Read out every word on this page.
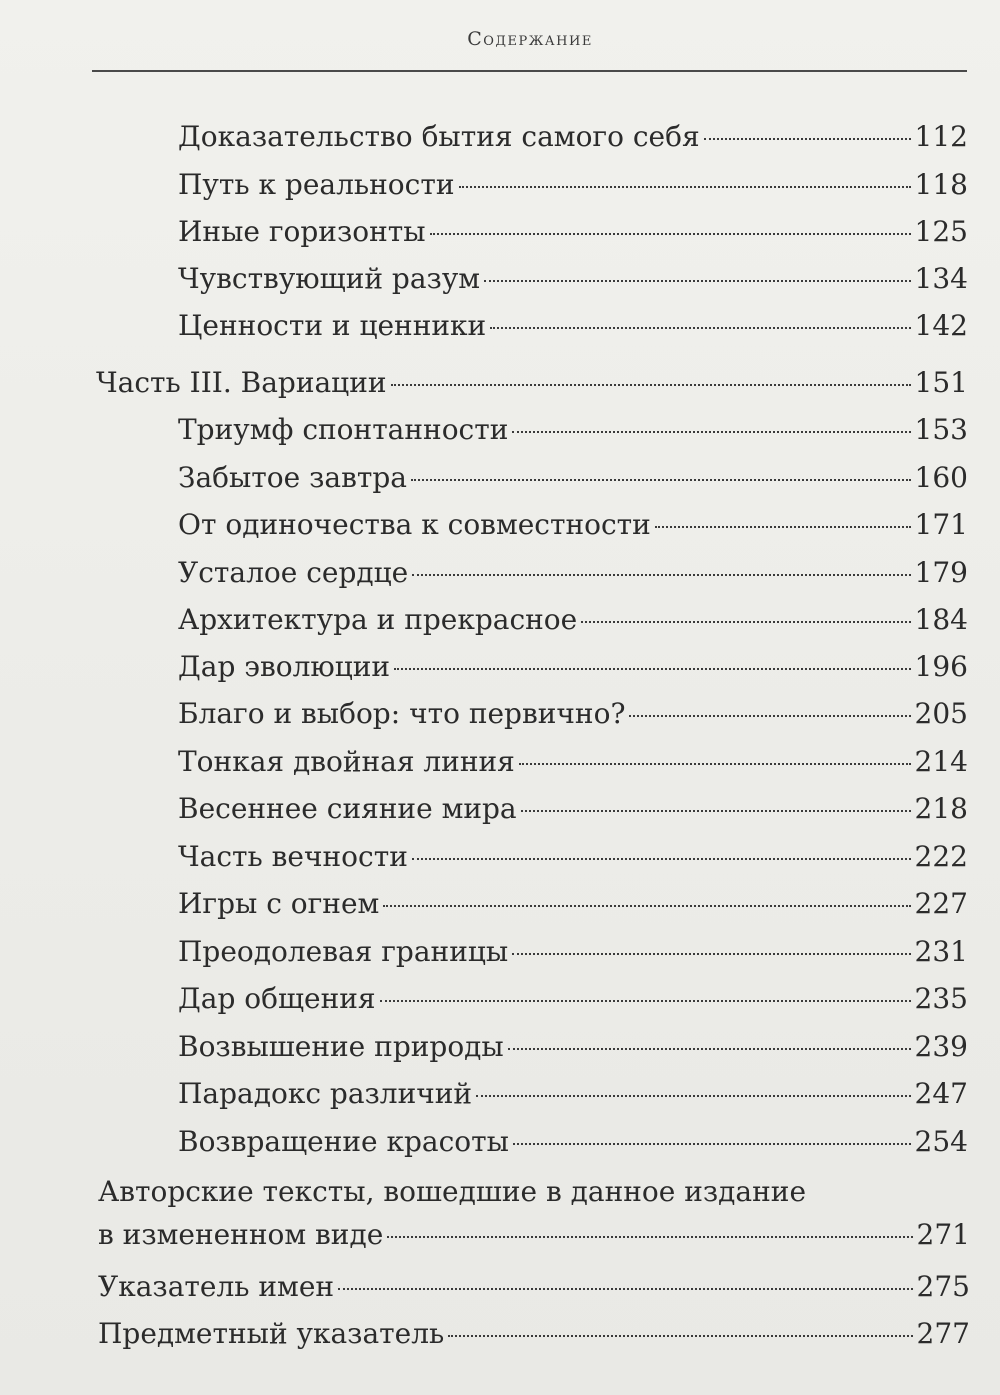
Содержание
Доказательство бытия самого себя	112
Путь к реальности	118
Иные горизонты	125
Чувствующий разум	134
Ценности и ценники	142
Часть III. Вариации	151
Триумф спонтанности	153
Забытое завтра	160
От одиночества к совместности	171
Усталое сердце	179
Архитектура и прекрасное	184
Дар эволюции	196
Благо и выбор: что первично?	205
Тонкая двойная линия	214
Весеннее сияние мира	218
Часть вечности	222
Игры с огнем	227
Преодолевая границы	231
Дар общения	235
Возвышение природы	239
Парадокс различий	247
Возвращение красоты	254
Авторские тексты, вошедшие в данное издание
в измененном виде	271
Указатель имен	275
Предметный указатель	277
